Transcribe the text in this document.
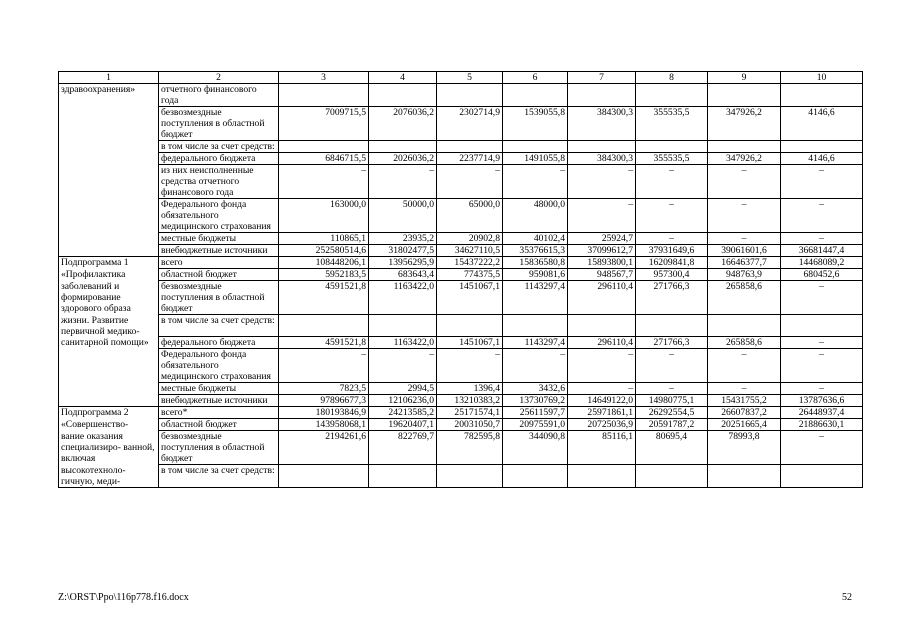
1	2	3	4	5	6	7	8	9	10
здравоохранения»	отчетного финансового года								
	безвозмездные поступления в областной бюджет	7009715,5	2076036,2	2302714,9	1539055,8	384300,3	355535,5	347926,2	4146,6
	в том числе за счет средств:								
	федерального бюджета	6846715,5	2026036,2	2237714,9	1491055,8	384300,3	355535,5	347926,2	4146,6
	из них неисполненные средства отчетного финансового года	–	–	–	–	–	–	–	–
	Федерального фонда обязательного медицинского страхования	163000,0	50000,0	65000,0	48000,0	–	–	–	–
	местные бюджеты	110865,1	23935,2	20902,8	40102,4	25924,7	–	–	–
	внебюджетные источники	252580514,6	31802477,5	34627110,5	35376615,3	37099612,7	37931649,6	39061601,6	36681447,4
Подпрограмма 1	всего	108448206,1	13956295,9	15437222,2	15836580,8	15893800,1	16209841,8	16646377,7	14468089,2
«Профилактика	областной бюджет	5952183,5	683643,4	774375,5	959081,6	948567,7	957300,4	948763,9	680452,6
заболеваний и формирование здорового образа	безвозмездные поступления в областной бюджет	4591521,8	1163422,0	1451067,1	1143297,4	296110,4	271766,3	265858,6	–
жизни. Развитие первичной медико-	в том числе за счет средств:								
санитарной помощи»	федерального бюджета	4591521,8	1163422,0	1451067,1	1143297,4	296110,4	271766,3	265858,6	–
	Федерального фонда обязательного медицинского страхования	–	–	–	–	–	–	–	–
	местные бюджеты	7823,5	2994,5	1396,4	3432,6	–	–	–	–
	внебюджетные источники	97896677,3	12106236,0	13210383,2	13730769,2	14649122,0	14980775,1	15431755,2	13787636,6
Подпрограмма 2	всего*	180193846,9	24213585,2	25171574,1	25611597,7	25971861,1	26292554,5	26607837,2	26448937,4
«Совершенство-	областной бюджет	143958068,1	19620407,1	20031050,7	20975591,0	20725036,9	20591787,2	20251665,4	21886630,1
вание оказания специализиро- ванной, включая	безвозмездные поступления в областной бюджет	2194261,6	822769,7	782595,8	344090,8	85116,1	80695,4	78993,8	–
высокотехноло- гичную, меди-	в том числе за счет средств:								
Z:\ORST\Ppo\116p778.f16.docx	52
